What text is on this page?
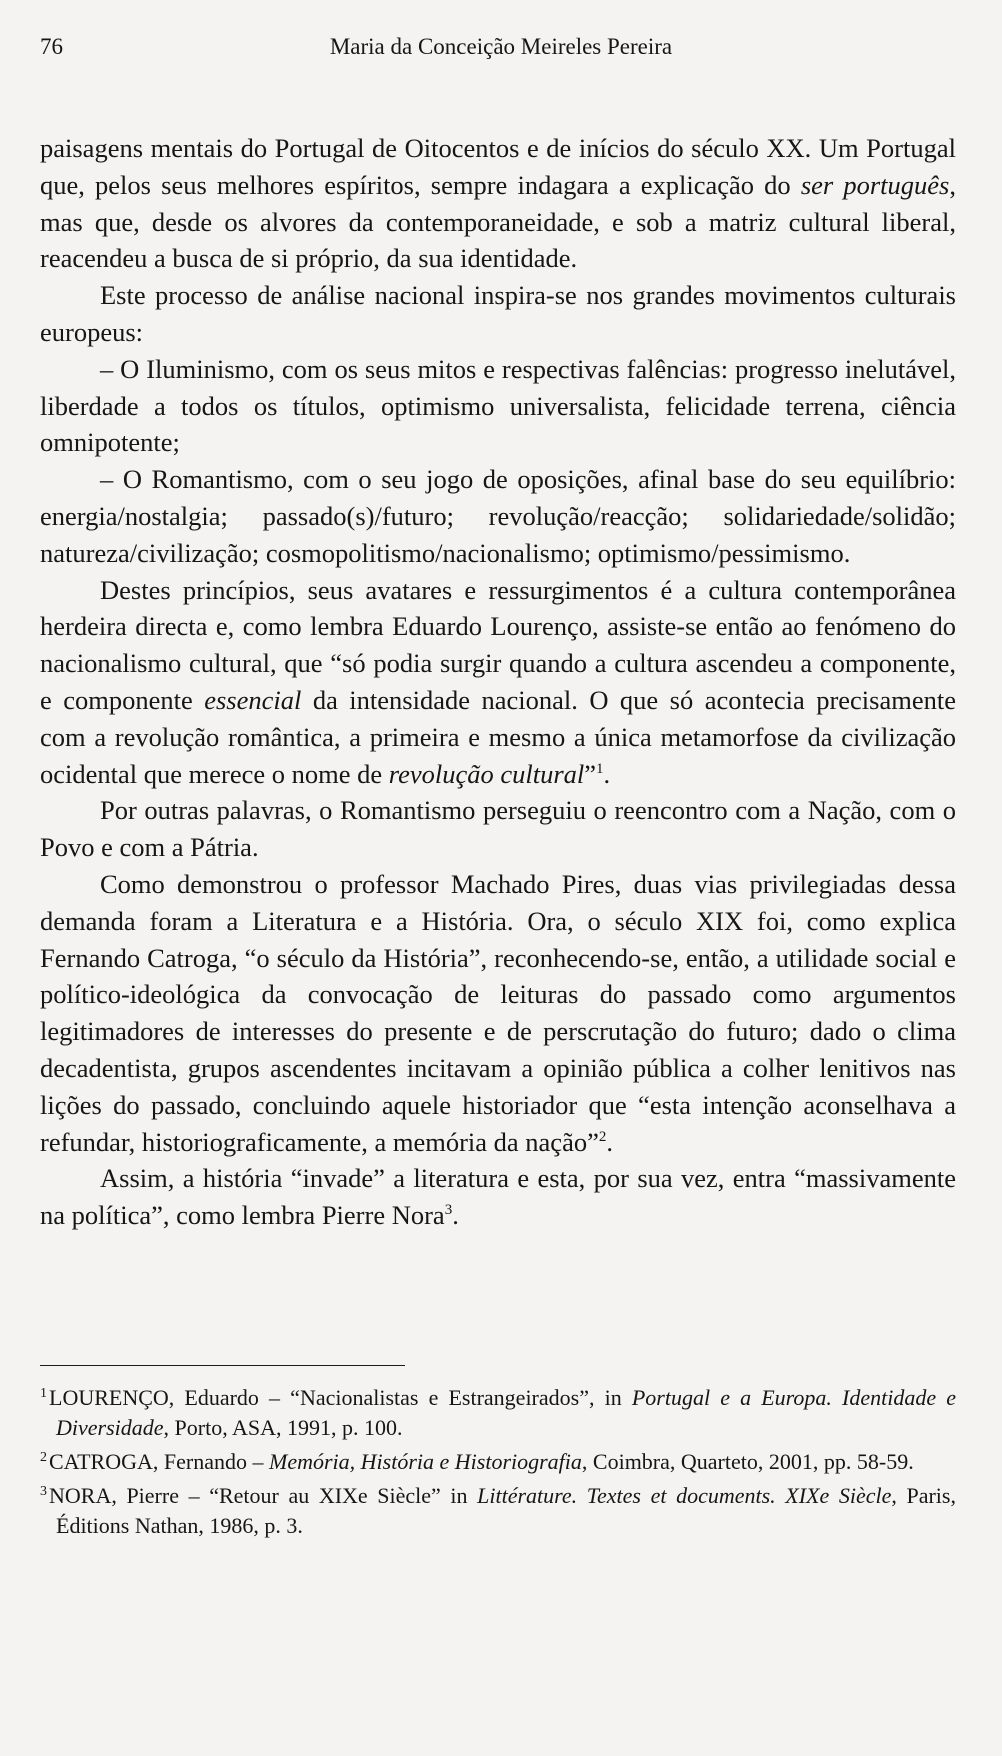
76	Maria da Conceição Meireles Pereira

paisagens mentais do Portugal de Oitocentos e de inícios do século XX. Um Portugal que, pelos seus melhores espíritos, sempre indagara a explicação do ser português, mas que, desde os alvores da contemporaneidade, e sob a matriz cultural liberal, reacendeu a busca de si próprio, da sua identidade.

Este processo de análise nacional inspira-se nos grandes movimentos culturais europeus:

– O Iluminismo, com os seus mitos e respectivas falências: progresso inelutável, liberdade a todos os títulos, optimismo universalista, felicidade terrena, ciência omnipotente;

– O Romantismo, com o seu jogo de oposições, afinal base do seu equilíbrio: energia/nostalgia; passado(s)/futuro; revolução/reacção; solidariedade/solidão; natureza/civilização; cosmopolitismo/nacionalismo; optimismo/pessimismo.

Destes princípios, seus avatares e ressurgimentos é a cultura contemporânea herdeira directa e, como lembra Eduardo Lourenço, assiste-se então ao fenómeno do nacionalismo cultural, que “só podia surgir quando a cultura ascendeu a componente, e componente essencial da intensidade nacional. O que só acontecia precisamente com a revolução romântica, a primeira e mesmo a única metamorfose da civilização ocidental que merece o nome de revolução cultural”$^1$.

Por outras palavras, o Romantismo perseguiu o reencontro com a Nação, com o Povo e com a Pátria.

Como demonstrou o professor Machado Pires, duas vias privilegiadas dessa demanda foram a Literatura e a História. Ora, o século XIX foi, como explica Fernando Catroga, “o século da História”, reconhecendo-se, então, a utilidade social e político-ideológica da convocação de leituras do passado como argumentos legitimadores de interesses do presente e de perscrutação do futuro; dado o clima decadentista, grupos ascendentes incitavam a opinião pública a colher lenitivos nas lições do passado, concluindo aquele historiador que “esta intenção aconselhava a refundar, historiograficamente, a memória da nação”$^2$.

Assim, a história “invade” a literatura e esta, por sua vez, entra “massivamente na política”, como lembra Pierre Nora$^3$.

$^1$LOURENÇO, Eduardo – “Nacionalistas e Estrangeirados”, in Portugal e a Europa. Identidade e Diversidade, Porto, ASA, 1991, p. 100.
$^2$CATROGA, Fernando – Memória, História e Historiografia, Coimbra, Quarteto, 2001, pp. 58-59.
$^3$NORA, Pierre – “Retour au XIXe Siècle” in Littérature. Textes et documents. XIXe Siècle, Paris, Éditions Nathan, 1986, p. 3.
